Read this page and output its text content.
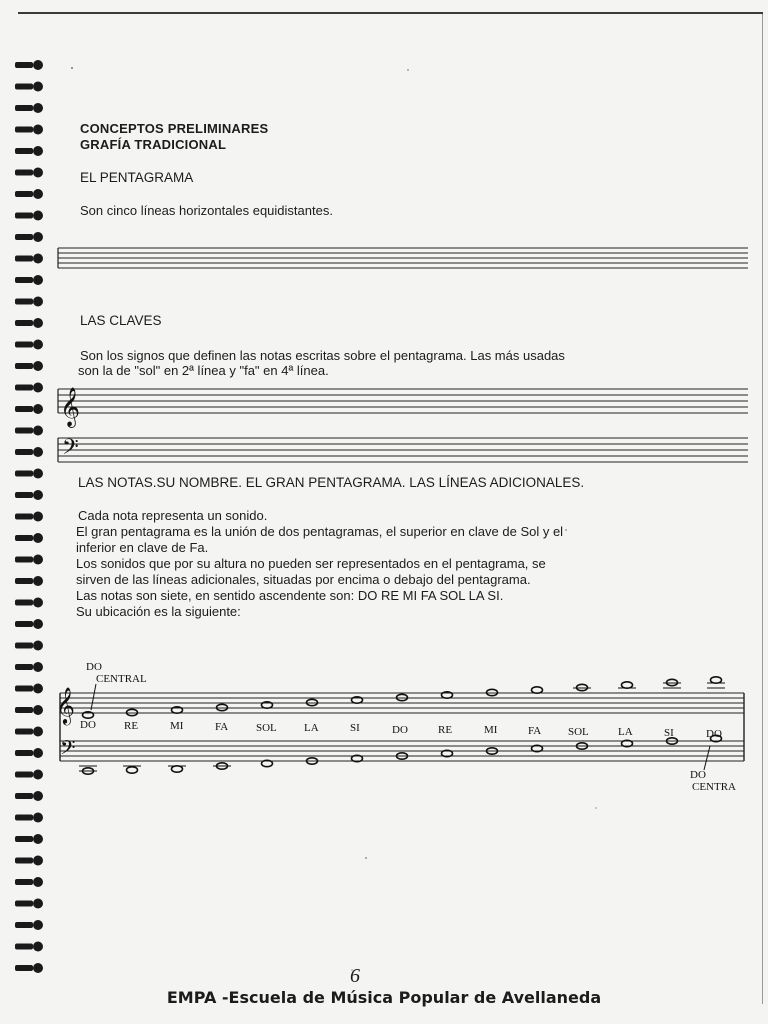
CONCEPTOS PRELIMINARES

GRAFÍA TRADICIONAL

EL PENTAGRAMA

Son cinco líneas horizontales equidistantes.

LAS CLAVES

Son los signos que definen las notas escritas sobre el pentagrama. Las más usadas

son la de "sol" en 2ª línea y "fa" en 4ª línea.

LAS NOTAS.SU NOMBRE. EL GRAN PENTAGRAMA. LAS LÍNEAS ADICIONALES.

Cada nota representa un sonido.

El gran pentagrama es la unión de dos pentagramas, el superior en clave de Sol y el

inferior en clave de Fa.

Los sonidos que por su altura no pueden ser representados en el pentagrama, se

sirven de las líneas adicionales, situadas por encima o debajo del pentagrama.

Las notas son siete, en sentido ascendente son: DO RE MI FA SOL LA SI.

Su ubicación es la siguiente:

𝄞
𝄢
𝄞
𝄢
DO
CENTRAL
DO
CENTRA
DO	RE	MI	FA	SOL LA	SI	DO	RE	MI	FA SOL	LA	SI	DO

6

EMPA -Escuela de Música Popular de Avellaneda
